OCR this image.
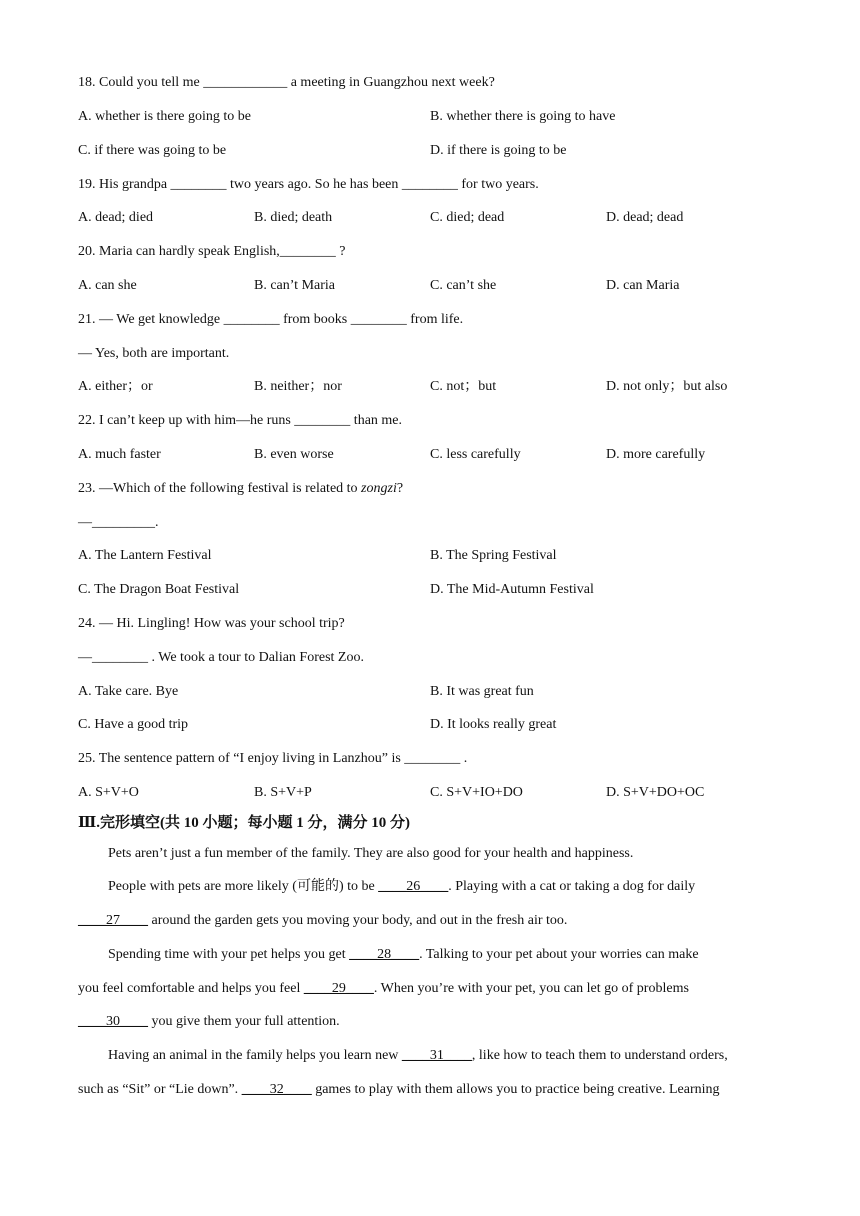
18. Could you tell me ____________ a meeting in Guangzhou next week?
A. whether is there going to be	B. whether there is going to have
C. if there was going to be	D. if there is going to be
19. His grandpa ________ two years ago. So he has been ________ for two years.
A. dead; died	B. died; death	C. died; dead	D. dead; dead
20. Maria can hardly speak English,________ ?
A. can she	B. can’t Maria	C. can’t she	D. can Maria
21. — We get knowledge ________ from books ________ from life.
— Yes, both are important.
A. either；or	B. neither；nor	C. not；but	D. not only；but also
22. I can’t keep up with him—he runs ________ than me.
A. much faster	B. even worse	C. less carefully	D. more carefully
23. —Which of the following festival is related to zongzi?
—_________.
A. The Lantern Festival	B. The Spring Festival
C. The Dragon Boat Festival	D. The Mid-Autumn Festival
24. — Hi. Lingling! How was your school trip?
—________ . We took a tour to Dalian Forest Zoo.
A. Take care. Bye	B. It was great fun
C. Have a good trip	D. It looks really great
25. The sentence pattern of “I enjoy living in Lanzhou” is ________ .
A. S+V+O	B. S+V+P	C. S+V+IO+DO	D. S+V+DO+OC
Ⅲ.完形填空(共 10 小题；每小题 1 分，满分 10 分)
Pets aren’t just a fun member of the family. They are also good for your health and happiness.
People with pets are more likely (可能的) to be ____26____. Playing with a cat or taking a dog for daily
____27____ around the garden gets you moving your body, and out in the fresh air too.
Spending time with your pet helps you get ____28____. Talking to your pet about your worries can make
you feel comfortable and helps you feel ____29____. When you’re with your pet, you can let go of problems
____30____ you give them your full attention.
Having an animal in the family helps you learn new ____31____, like how to teach them to understand orders,
such as “Sit” or “Lie down”. ____32____ games to play with them allows you to practice being creative. Learning
